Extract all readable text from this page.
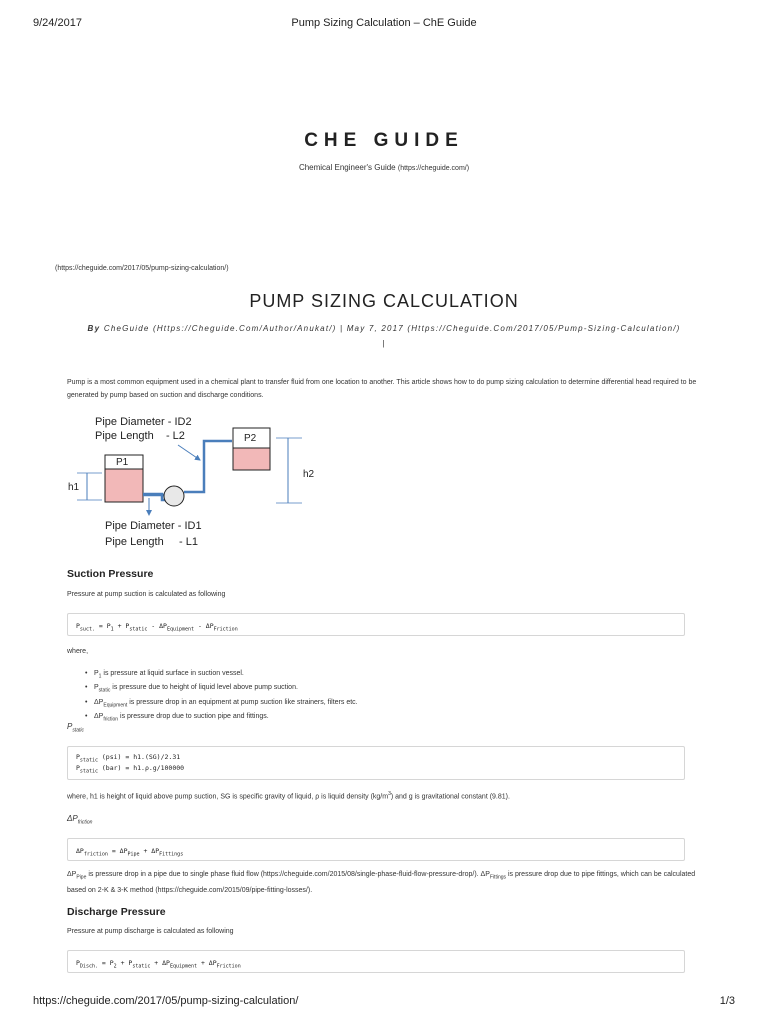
9/24/2017	Pump Sizing Calculation – ChE Guide
CHE GUIDE
Chemical Engineer's Guide (https://cheguide.com/)
(https://cheguide.com/2017/05/pump-sizing-calculation/)
PUMP SIZING CALCULATION
By CheGuide (Https://Cheguide.Com/Author/Anukat/) | May 7, 2017 (Https://Cheguide.Com/2017/05/Pump-Sizing-Calculation/)
|
Pump is a most common equipment used in a chemical plant to transfer fluid from one location to another. This article shows how to do pump sizing calculation to determine differential head required to be generated by pump based on suction and discharge conditions.
Pipe Diameter - ID2
Pipe Length    - L2
P1
h1
P2
h2
Pipe Diameter - ID1
Pipe Length     - L1
Suction Pressure
Pressure at pump suction is calculated as following
$P_{suct.} = P_1 + P_{static} - \Delta P_{Equipment} - \Delta P_{Friction}$
where,
• $P_1$ is pressure at liquid surface in suction vessel.
• $P_{static}$ is pressure due to height of liquid level above pump suction.
• $\Delta P_{Equipment}$ is pressure drop in an equipment at pump suction like strainers, filters etc.
• $\Delta P_{friction}$ is pressure drop due to suction pipe and fittings.
$P_{static}$
$P_{static}$ (psi) = h1.(SG)/2.31
$P_{static}$ (bar) = h1.ρ.g/100000
where, h1 is height of liquid above pump suction, SG is specific gravity of liquid, ρ is liquid density $(kg/m^3)$ and g is gravitational constant (9.81).
$\Delta P_{friction}$
$\Delta P_{friction} = \Delta P_{Pipe} + \Delta P_{Fittings}$
$\Delta P_{Pipe}$ is pressure drop in a pipe due to single phase fluid flow (https://cheguide.com/2015/08/single-phase-fluid-flow-pressure-drop/). $\Delta P_{Fittings}$ is pressure drop due to pipe fittings, which can be calculated based on 2-K & 3-K method (https://cheguide.com/2015/09/pipe-fitting-losses/).
Discharge Pressure
Pressure at pump discharge is calculated as following
$P_{Disch.} = P_2 + P_{static} + \Delta P_{Equipment} + \Delta P_{Friction}$
https://cheguide.com/2017/05/pump-sizing-calculation/	1/3
